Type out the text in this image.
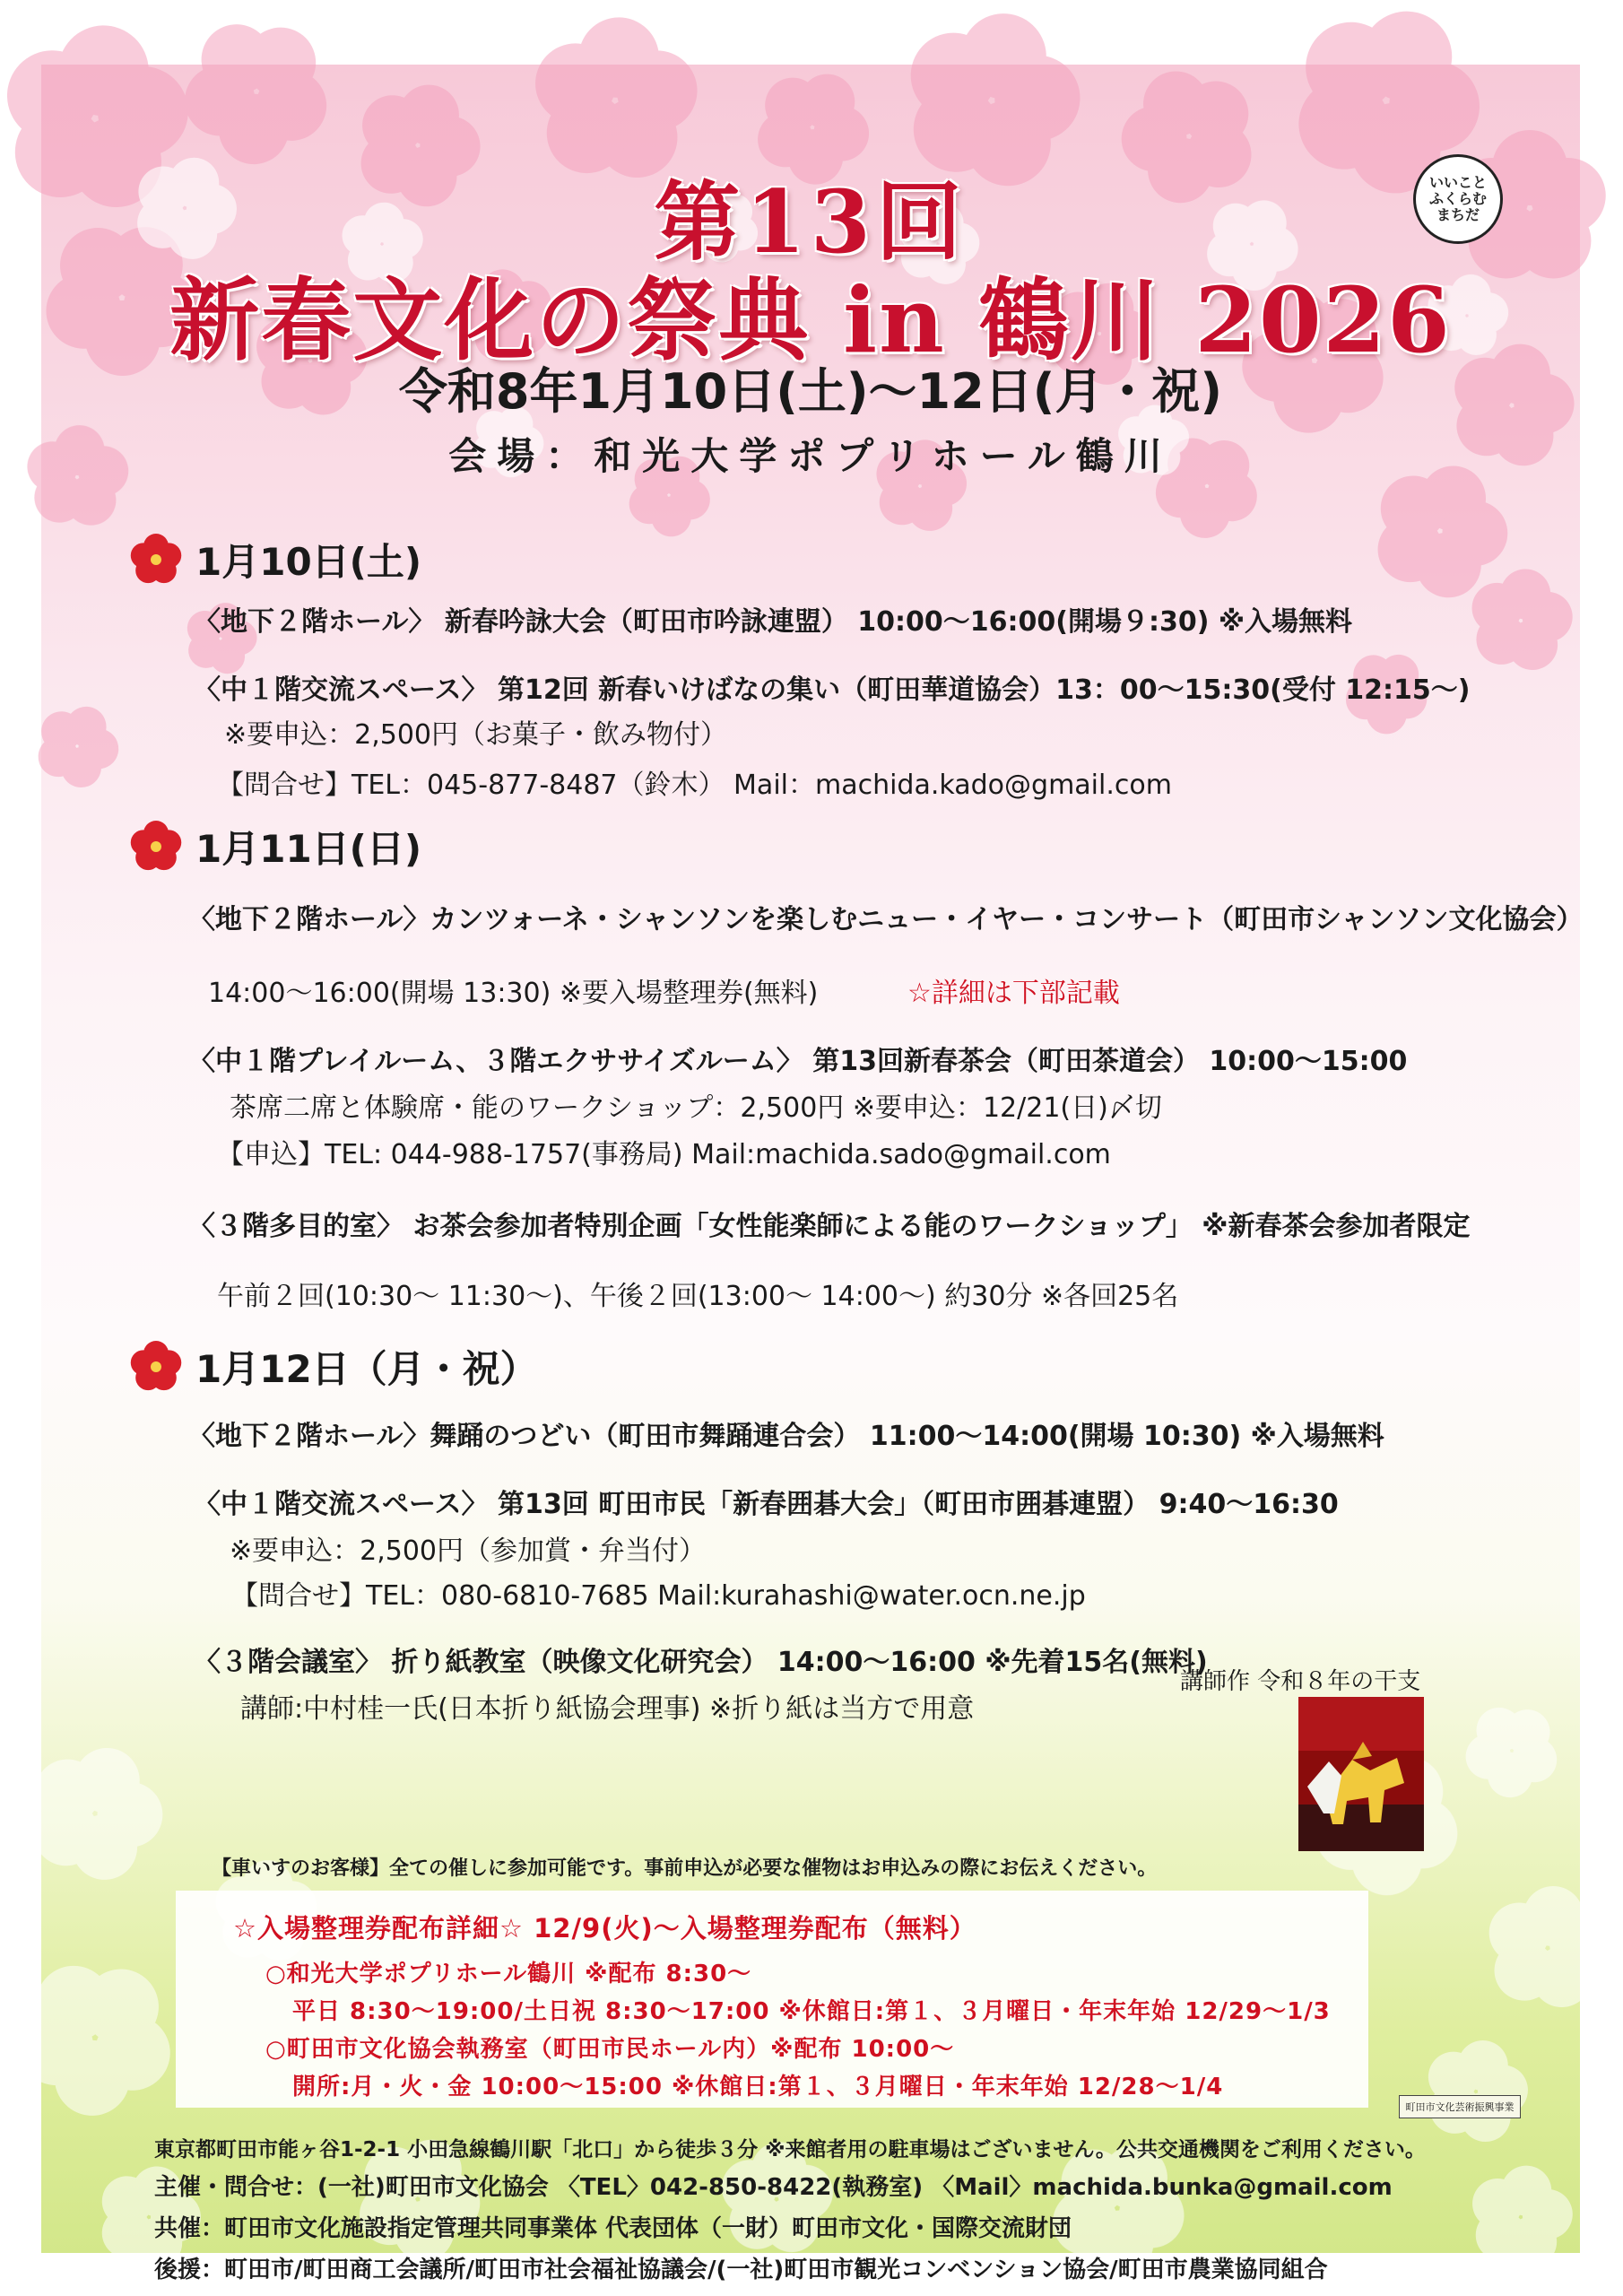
いいこと
ふくらむ
まちだ
第13回
新春文化の祭典 in 鶴川 2026
令和8年1月10日(土)～12日(月・祝)
会場：和光大学ポプリホール鶴川
1月10日(土)
〈地下２階ホール〉 新春吟詠大会（町田市吟詠連盟） 10:00～16:00(開場９:30) ※入場無料
〈中１階交流スペース〉 第12回 新春いけばなの集い（町田華道協会）13：00～15:30(受付 12:15～)
※要申込：2,500円（お菓子・飲み物付）
【問合せ】TEL：045-877-8487（鈴木） Mail：machida.kado@gmail.com
1月11日(日)
〈地下２階ホール〉カンツォーネ・シャンソンを楽しむニュー・イヤー・コンサート（町田市シャンソン文化協会）
14:00～16:00(開場 13:30) ※要入場整理券(無料)	☆詳細は下部記載
〈中１階プレイルーム、３階エクササイズルーム〉 第13回新春茶会（町田茶道会） 10:00～15:00
茶席二席と体験席・能のワークショップ：2,500円 ※要申込：12/21(日)〆切
【申込】TEL: 044-988-1757(事務局) Mail:machida.sado@gmail.com
〈３階多目的室〉 お茶会参加者特別企画「女性能楽師による能のワークショップ」 ※新春茶会参加者限定
午前２回(10:30～ 11:30～)、午後２回(13:00～ 14:00～) 約30分 ※各回25名
1月12日（月・祝）
〈地下２階ホール〉舞踊のつどい（町田市舞踊連合会） 11:00～14:00(開場 10:30) ※入場無料
〈中１階交流スペース〉 第13回 町田市民「新春囲碁大会」（町田市囲碁連盟） 9:40～16:30
※要申込：2,500円（参加賞・弁当付）
【問合せ】TEL：080-6810-7685 Mail:kurahashi@water.ocn.ne.jp
〈３階会議室〉 折り紙教室（映像文化研究会） 14:00～16:00 ※先着15名(無料)
講師:中村桂一氏(日本折り紙協会理事) ※折り紙は当方で用意
講師作 令和８年の干支
【車いすのお客様】全ての催しに参加可能です。事前申込が必要な催物はお申込みの際にお伝えください。
☆入場整理券配布詳細☆ 12/9(火)～入場整理券配布（無料）
○和光大学ポプリホール鶴川 ※配布 8:30～
平日 8:30～19:00/土日祝 8:30～17:00 ※休館日:第１、３月曜日・年末年始 12/29～1/3
○町田市文化協会執務室（町田市民ホール内）※配布 10:00～
開所:月・火・金 10:00～15:00 ※休館日:第１、３月曜日・年末年始 12/28～1/4
東京都町田市能ヶ谷1-2-1 小田急線鶴川駅「北口」から徒歩３分 ※来館者用の駐車場はございません。公共交通機関をご利用ください。
主催・問合せ：(一社)町田市文化協会 〈TEL〉042-850-8422(執務室) 〈Mail〉machida.bunka@gmail.com
共催：町田市文化施設指定管理共同事業体 代表団体（一財）町田市文化・国際交流財団
後援：町田市/町田商工会議所/町田市社会福祉協議会/(一社)町田市観光コンベンション協会/町田市農業協同組合
町田市文化芸術振興事業
